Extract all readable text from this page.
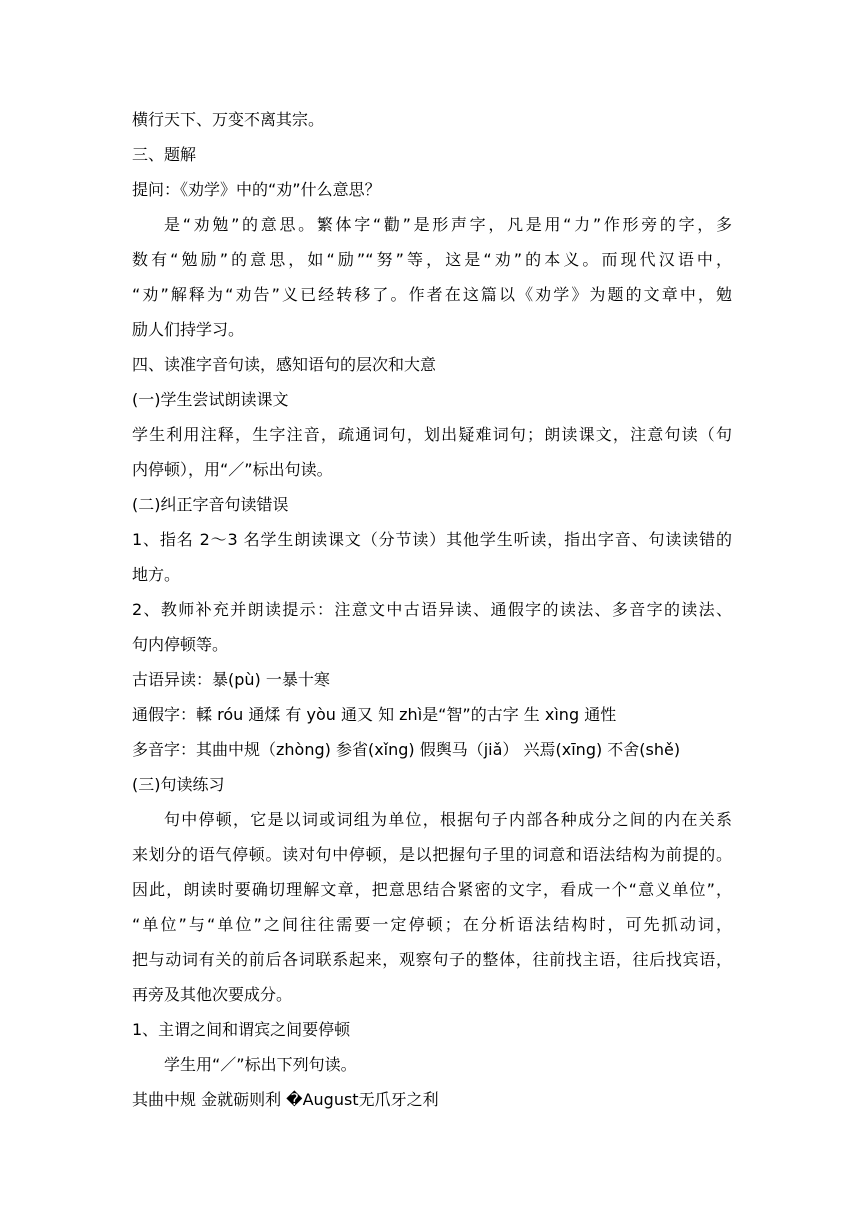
横行天下、万变不离其宗。
三、题解
提问：《劝学》中的“劝”什么意思？
是“劝勉”的意思。繁体字“勸”是形声字，凡是用“力”作形旁的字，多
数有“勉励”的意思，如“励”“努”等，这是“劝”的本义。而现代汉语中，
“劝”解释为“劝告”义已经转移了。作者在这篇以《劝学》为题的文章中，勉
励人们持学习。
四、读准字音句读，感知语句的层次和大意
(一)学生尝试朗读课文
学生利用注释，生字注音，疏通词句，划出疑难词句；朗读课文，注意句读（句
内停顿），用“／”标出句读。
(二)纠正字音句读错误
1、指名 2～3 名学生朗读课文（分节读）其他学生听读，指出字音、句读读错的
地方。
2、教师补充并朗读提示：注意文中古语异读、通假字的读法、多音字的读法、
句内停顿等。
古语异读：暴(pù) 一暴十寒
通假字：輮 róu 通煣 有 yòu 通又 知 zhì是“智”的古字 生 xìng 通性
多音字：其曲中规（zhòng) 参省(xǐng) 假舆马（jiǎ） 兴焉(xīng) 不舍(shě)
(三)句读练习
句中停顿，它是以词或词组为单位，根据句子内部各种成分之间的内在关系
来划分的语气停顿。读对句中停顿，是以把握句子里的词意和语法结构为前提的。
因此，朗读时要确切理解文章，把意思结合紧密的文字，看成一个“意义单位”，
“单位”与“单位”之间往往需要一定停顿；在分析语法结构时，可先抓动词，
把与动词有关的前后各词联系起来，观察句子的整体，往前找主语，往后找宾语，
再旁及其他次要成分。
1、主谓之间和谓宾之间要停顿
学生用“／”标出下列句读。
其曲中规 金就砺则利 �August无爪牙之利
